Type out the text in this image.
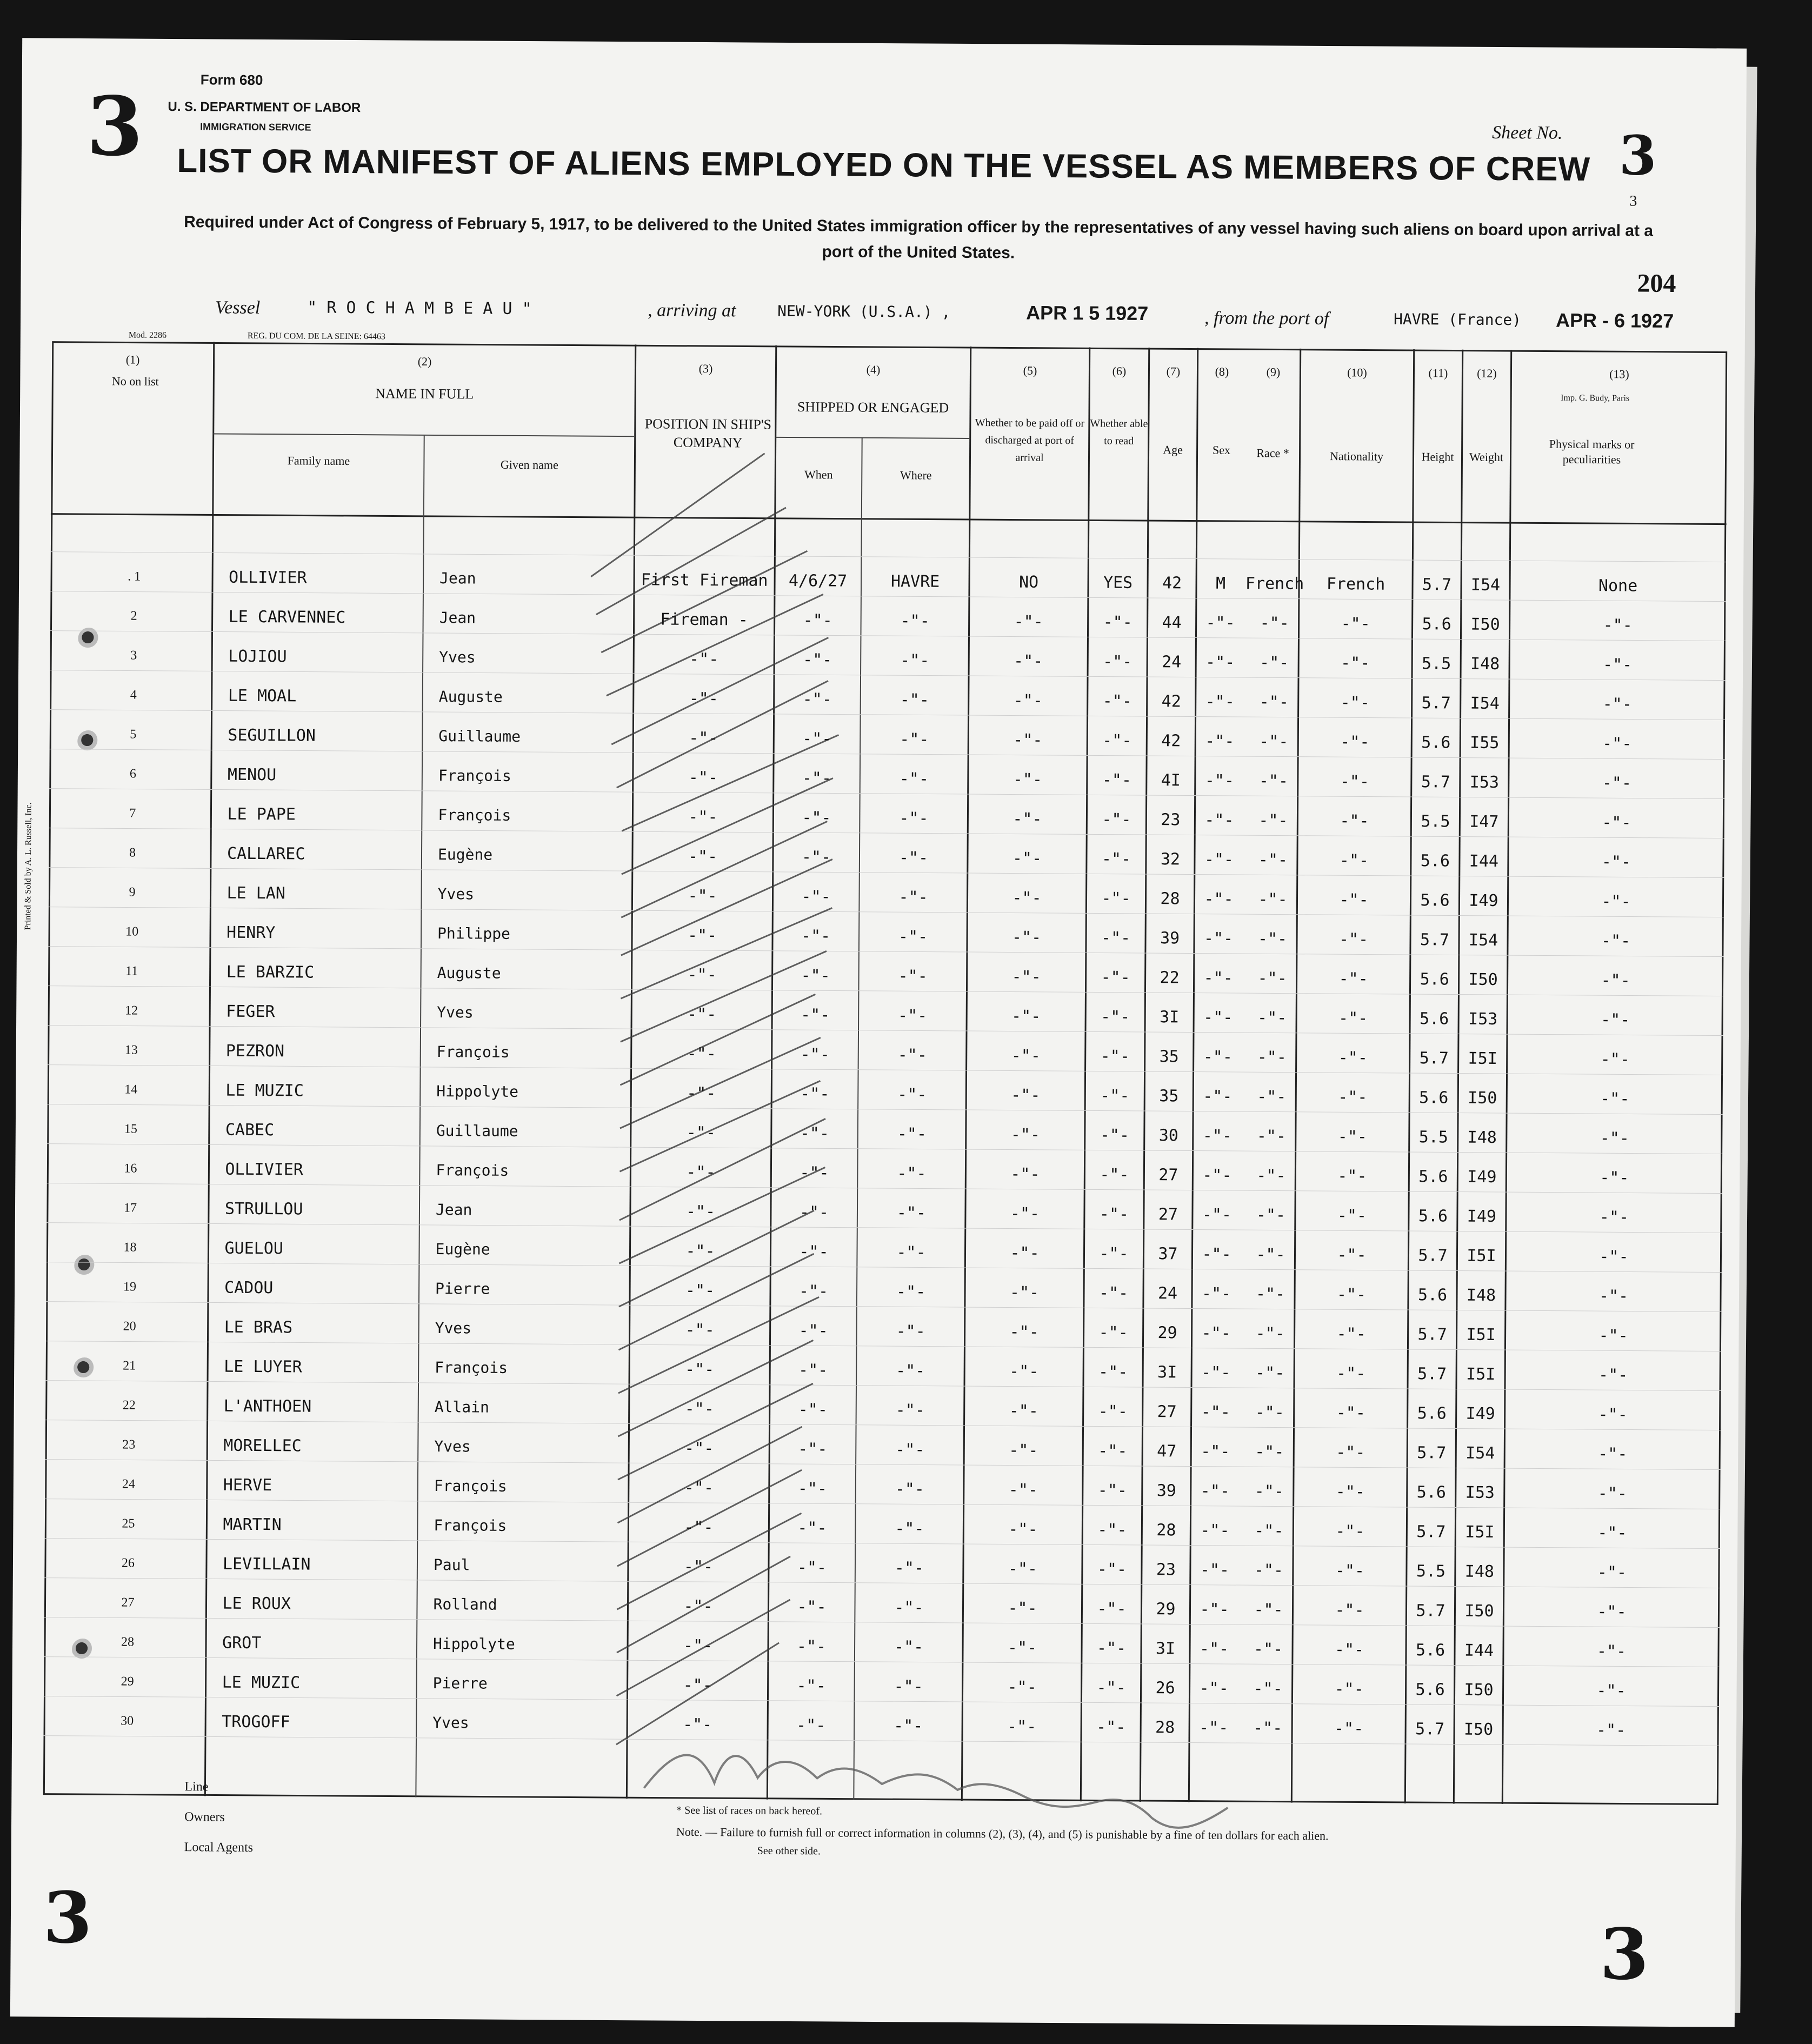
3	Form 680
U. S. DEPARTMENT OF LABOR
IMMIGRATION SERVICE	Sheet No. 3
3
204
LIST OR MANIFEST OF ALIENS EMPLOYED ON THE VESSEL AS MEMBERS OF CREW
Required under Act of Congress of February 5, 1917, to be delivered to the United States immigration officer by the representatives of any vessel having such aliens on board upon arrival at a port of the United States.
Vessel	" R O C H A M B E A U "	, arriving at	NEW-YORK (U.S.A.) ,	APR 1 5 1927	, from the port of	HAVRE (France) APR - 6 1927
Mod. 2286	REG. DU COM. DE LA SEINE: 64463
Imp. G. Budy, Paris
Printed & Sold by A. L. Russell, Inc.
(1)
No on list
(2)
NAME IN FULL
Family name	Given name
(3)
POSITION IN SHIP'S COMPANY
(4)
SHIPPED OR ENGAGED
When	Where
(5)
Whether to be paid off or discharged at port of arrival
(6)
Whether able to read
(7)
Age
(8)
Sex
(9)
Race *
(10)
Nationality
(11)
Height
(12)
Weight
(13)
Physical marks or peculiarities
. 1	OLLIVIER	Jean	First Fireman	4/6/27	HAVRE	NO	YES	42	M	French	French	5.7	I54	None
2	LE CARVENNEC	Jean	Fireman -	-"-	-"-	-"-	-"-	44	-"-	-"-	-"-	5.6	I50	-"-
3	LOJIOU	Yves	-"-	-"-	-"-	-"-	-"-	24	-"-	-"-	-"-	5.5	I48	-"-
4	LE MOAL	Auguste	-"-	-"-	-"-	-"-	-"-	42	-"-	-"-	-"-	5.7	I54	-"-
5	SEGUILLON	Guillaume	-"-	-"-	-"-	-"-	-"-	42	-"-	-"-	-"-	5.6	I55	-"-
6	MENOU	François	-"-	-"-	-"-	-"-	-"-	4I	-"-	-"-	-"-	5.7	I53	-"-
7	LE PAPE	François	-"-	-"-	-"-	-"-	-"-	23	-"-	-"-	-"-	5.5	I47	-"-
8	CALLAREC	Eugène	-"-	-"-	-"-	-"-	-"-	32	-"-	-"-	-"-	5.6	I44	-"-
9	LE LAN	Yves	-"-	-"-	-"-	-"-	-"-	28	-"-	-"-	-"-	5.6	I49	-"-
10	HENRY	Philippe	-"-	-"-	-"-	-"-	-"-	39	-"-	-"-	-"-	5.7	I54	-"-
11	LE BARZIC	Auguste	-"-	-"-	-"-	-"-	-"-	22	-"-	-"-	-"-	5.6	I50	-"-
12	FEGER	Yves	-"-	-"-	-"-	-"-	-"-	3I	-"-	-"-	-"-	5.6	I53	-"-
13	PEZRON	François	-"-	-"-	-"-	-"-	-"-	35	-"-	-"-	-"-	5.7	I5I	-"-
14	LE MUZIC	Hippolyte	-"-	-"-	-"-	-"-	-"-	35	-"-	-"-	-"-	5.6	I50	-"-
15	CABEC	Guillaume	-"-	-"-	-"-	-"-	-"-	30	-"-	-"-	-"-	5.5	I48	-"-
16	OLLIVIER	François	-"-	-"-	-"-	-"-	-"-	27	-"-	-"-	-"-	5.6	I49	-"-
17	STRULLOU	Jean	-"-	-"-	-"-	-"-	-"-	27	-"-	-"-	-"-	5.6	I49	-"-
18	GUELOU	Eugène	-"-	-"-	-"-	-"-	-"-	37	-"-	-"-	-"-	5.7	I5I	-"-
19	CADOU	Pierre	-"-	-"-	-"-	-"-	-"-	24	-"-	-"-	-"-	5.6	I48	-"-
20	LE BRAS	Yves	-"-	-"-	-"-	-"-	-"-	29	-"-	-"-	-"-	5.7	I5I	-"-
21	LE LUYER	François	-"-	-"-	-"-	-"-	-"-	3I	-"-	-"-	-"-	5.7	I5I	-"-
22	L'ANTHOEN	Allain	-"-	-"-	-"-	-"-	-"-	27	-"-	-"-	-"-	5.6	I49	-"-
23	MORELLEC	Yves	-"-	-"-	-"-	-"-	-"-	47	-"-	-"-	-"-	5.7	I54	-"-
24	HERVE	François	-"-	-"-	-"-	-"-	-"-	39	-"-	-"-	-"-	5.6	I53	-"-
25	MARTIN	François	-"-	-"-	-"-	-"-	-"-	28	-"-	-"-	-"-	5.7	I5I	-"-
26	LEVILLAIN	Paul	-"-	-"-	-"-	-"-	-"-	23	-"-	-"-	-"-	5.5	I48	-"-
27	LE ROUX	Rolland	-"-	-"-	-"-	-"-	-"-	29	-"-	-"-	-"-	5.7	I50	-"-
28	GROT	Hippolyte	-"-	-"-	-"-	-"-	-"-	3I	-"-	-"-	-"-	5.6	I44	-"-
29	LE MUZIC	Pierre	-"-	-"-	-"-	-"-	-"-	26	-"-	-"-	-"-	5.6	I50	-"-
30	TROGOFF	Yves	-"-	-"-	-"-	-"-	-"-	28	-"-	-"-	-"-	5.7	I50	-"-
Line
Owners
Local Agents
* See list of races on back hereof.
Note. — Failure to furnish full or correct information in columns (2), (3), (4), and (5) is punishable by a fine of ten dollars for each alien.
See other side.
3	3
